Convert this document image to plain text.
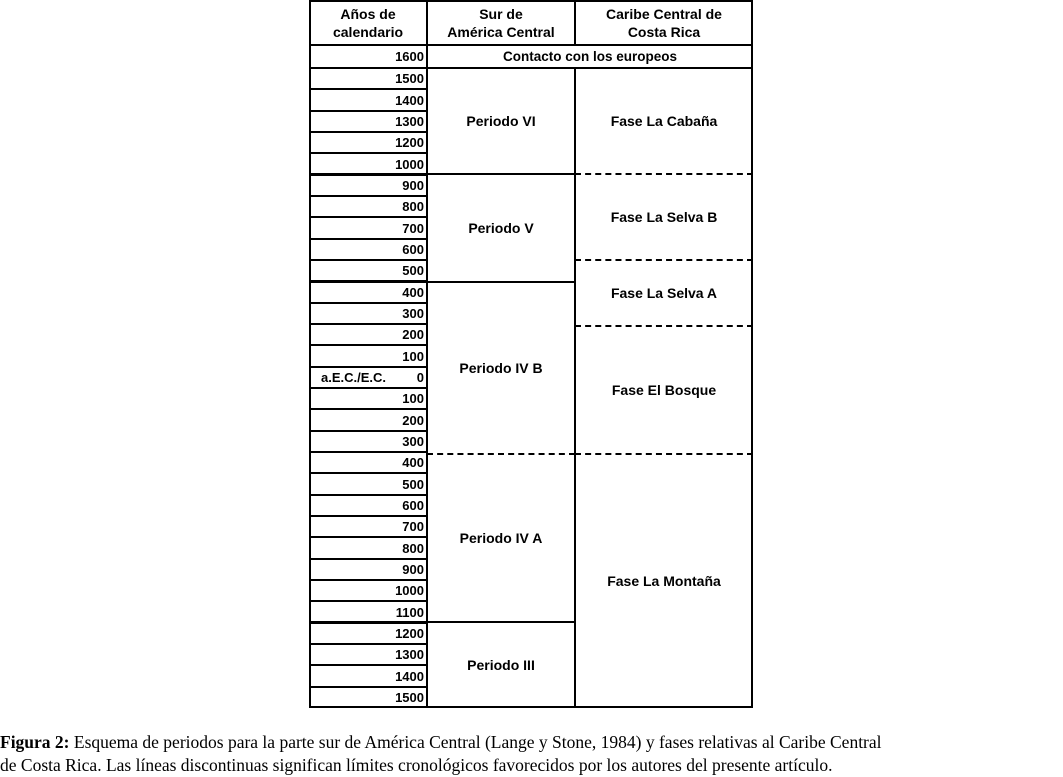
Años de
calendario
Sur de
América Central
Caribe Central de
Costa Rica
1600	Contacto con los europeos
1500
1400
1300
1200
1000
900
800
700
600
500
400
300
200
100
0
a.E.C./E.C.
100
200
300
400
500
600
700
800
900
1000
1100
1200
1300
1400
1500
Periodo VI
Periodo V
Periodo IV B
Periodo IV A
Periodo III
Fase La Cabaña
Fase La Selva B
Fase La Selva A
Fase El Bosque
Fase La Montaña
Figura 2: Esquema de periodos para la parte sur de América Central (Lange y Stone, 1984) y fases relativas al Caribe Central
de Costa Rica. Las líneas discontinuas significan límites cronológicos favorecidos por los autores del presente artículo.
